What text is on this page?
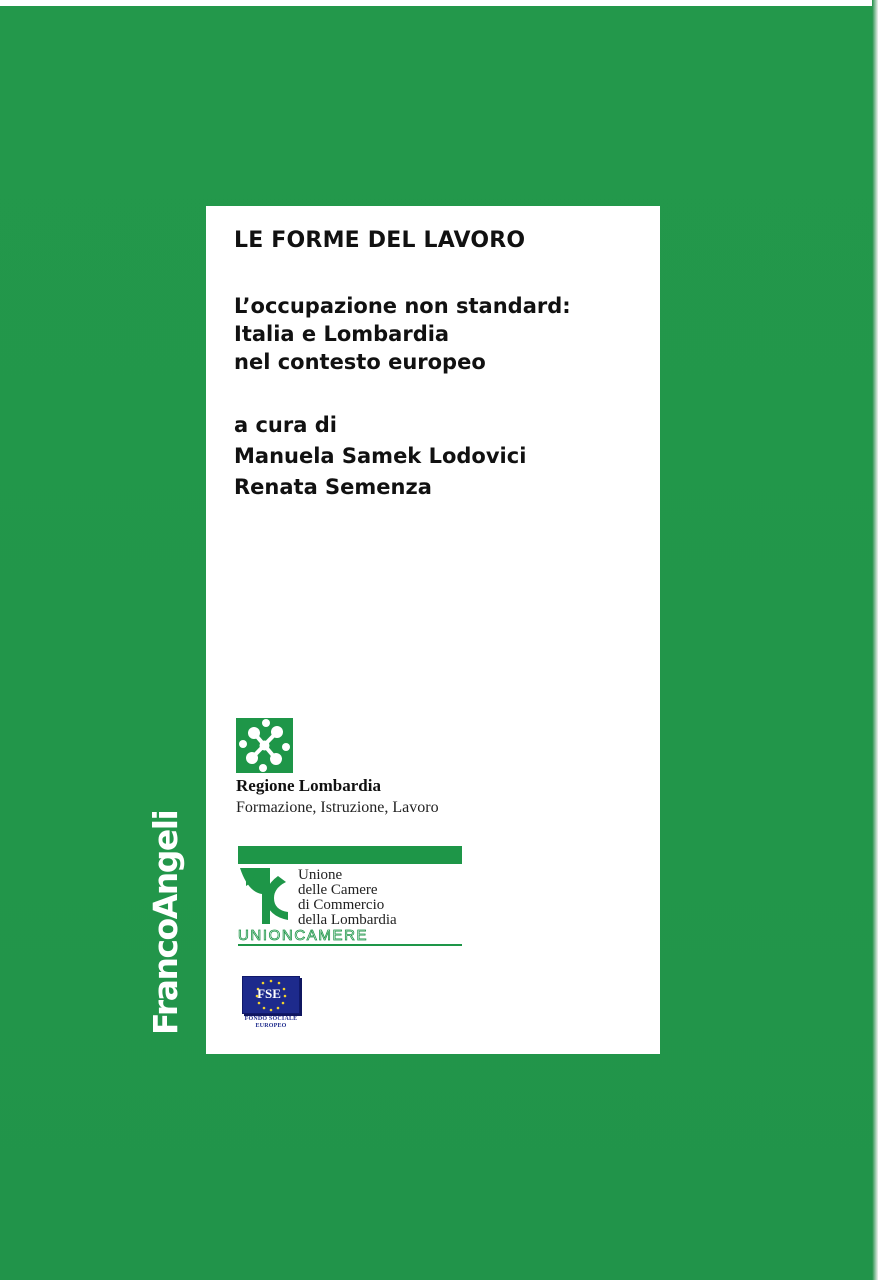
LE FORME DEL LAVORO
L’occupazione non standard:
Italia e Lombardia
nel contesto europeo
a cura di
Manuela Samek Lodovici
Renata Semenza
Regione Lombardia
Formazione, Istruzione, Lavoro
Unione
delle Camere
di Commercio
della Lombardia
UNIONCAMERE
FSE
FONDO SOCIALE
EUROPEO
FrancoAngeli
